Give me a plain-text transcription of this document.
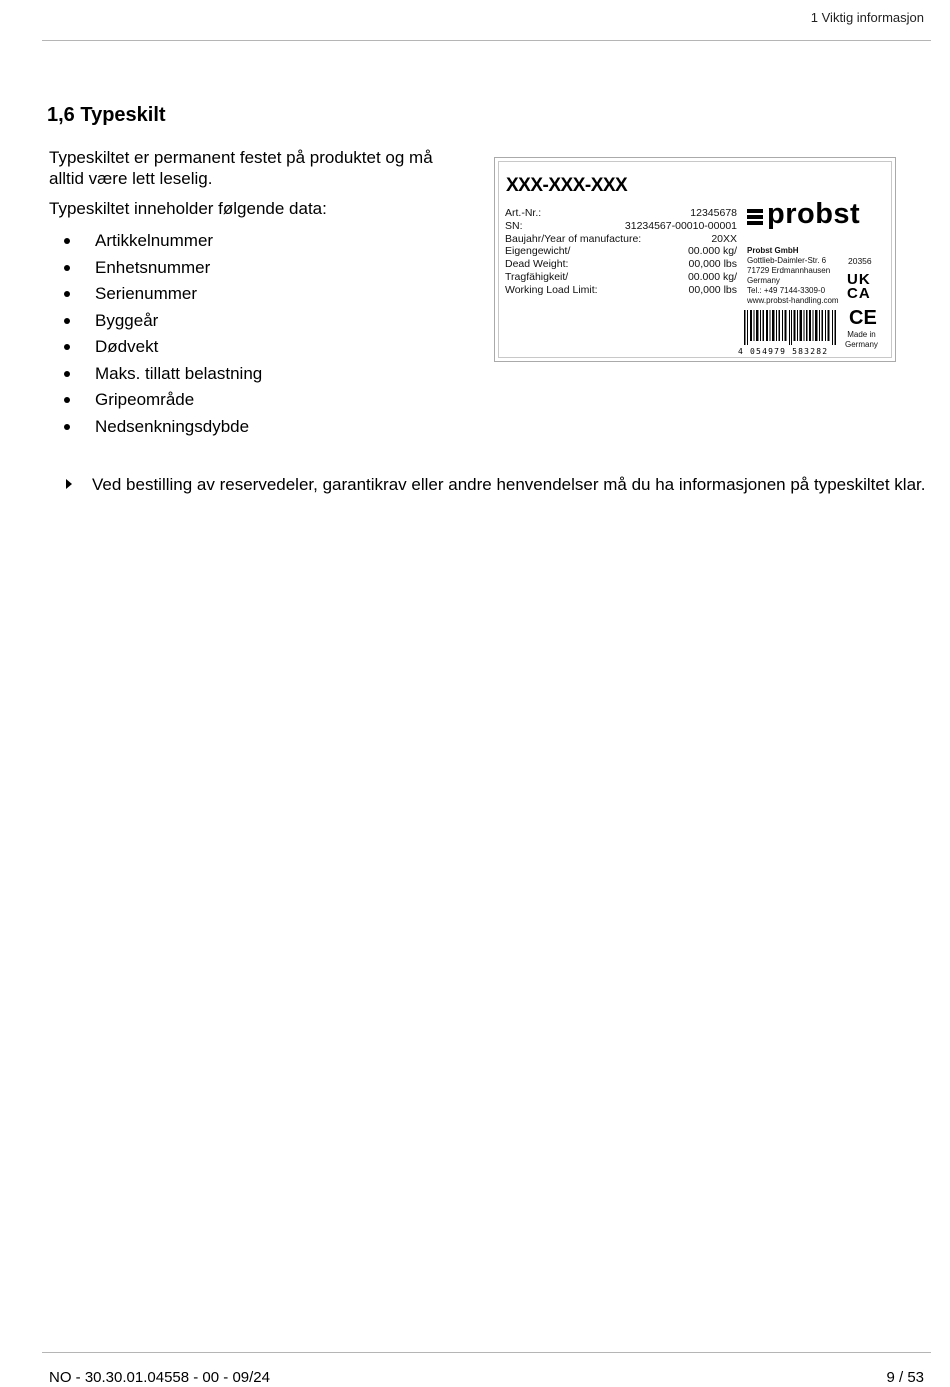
1 Viktig informasjon
1,6 Typeskilt

Typeskiltet er permanent festet på produktet og må alltid være lett leselig.

Typeskiltet inneholder følgende data:

Artikkelnummer
Enhetsnummer
Serienummer
Byggeår
Dødvekt
Maks. tillatt belastning
Gripeområde
Nedsenkningsdybde
XXX-XXX-XXX
Art.-Nr.:	12345678
SN:	31234567-00010-00001
Baujahr/Year of manufacture:	20XX
Eigengewicht/	00.000 kg/
Dead Weight:	00,000 lbs
Tragfähigkeit/	00.000 kg/
Working Load Limit:	00,000 lbs
probst
Probst GmbH
Gottlieb-Daimler-Str. 6
71729 Erdmannhausen
Germany
Tel.: +49 7144-3309-0
www.probst-handling.com
20356
UK
CA
CE
Made in
Germany
4 054979 583282
Ved bestilling av reservedeler, garantikrav eller andre henvendelser må du ha informasjonen på typeskiltet klar.
NO - 30.30.01.04558 - 00 - 09/24	9 / 53
